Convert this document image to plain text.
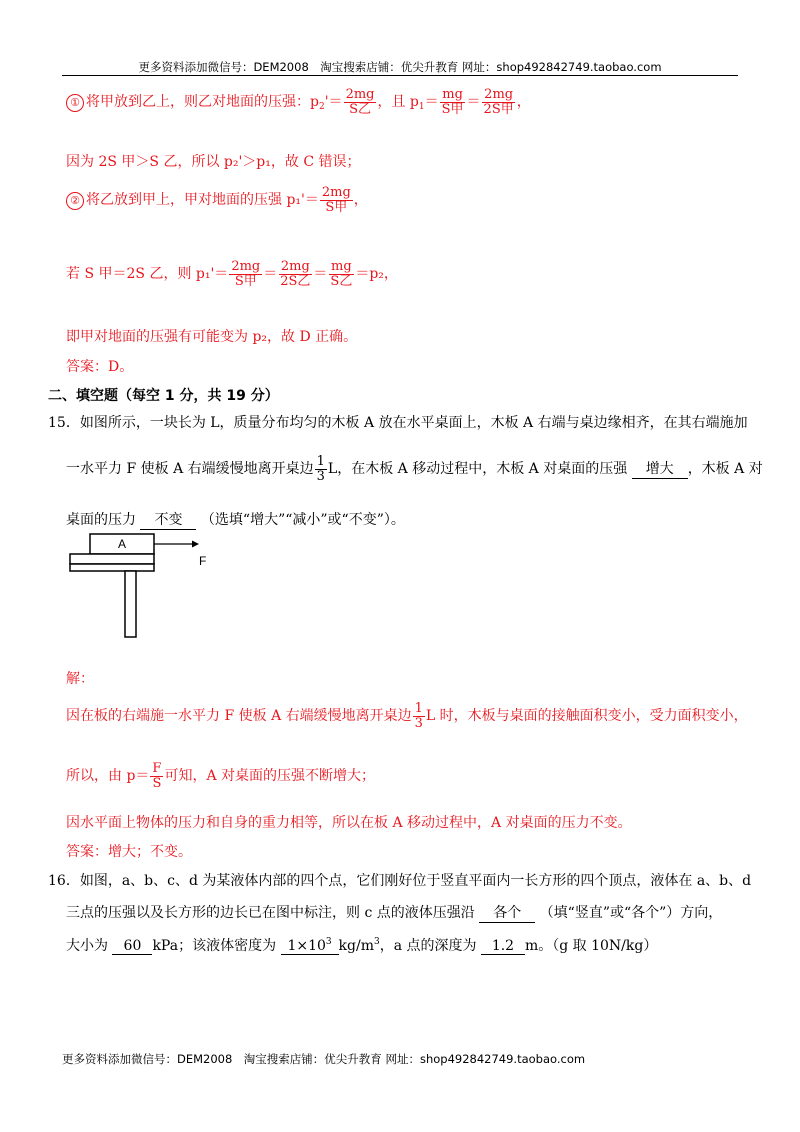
更多资料添加微信号：DEM2008　淘宝搜索店铺：优尖升教育 网址：shop492842749.taobao.com
① 将甲放到乙上，则乙对地面的压强：$p_2'= \frac{2mg}{\text{S乙}}$ ，且 $p_1= \frac{mg}{\text{S甲}} = \frac{2mg}{\text{2S甲}}$ ，
因为 2S 甲＞S 乙，所以 p₂'＞p₁，故 C 错误；
② 将乙放到甲上，甲对地面的压强 $p_1'= \frac{2mg}{\text{S甲}}$ ，
若 S 甲＝2S 乙，则 $p_1'= \frac{2mg}{\text{S甲}} = \frac{2mg}{\text{2S乙}} = \frac{mg}{\text{S乙}} =p_2$，
即甲对地面的压强有可能变为 p₂，故 D 正确。
答案：D。
二、填空题（每空 1 分，共 19 分）
15．如图所示，一块长为 L，质量分布均匀的木板 A 放在水平桌面上，木板 A 右端与桌边缘相齐，在其右端施加
一水平力 F 使板 A 右端缓慢地离开桌边 $\frac{1}{3}$ L，在木板 A 移动过程中，木板 A 对桌面的压强 增大 ，木板 A 对
桌面的压力 不变 （选填“增大”“减小”或“不变”）。
A
F
解：
因在板的右端施一水平力 F 使板 A 右端缓慢地离开桌边 $\frac{1}{3}$ L 时，木板与桌面的接触面积变小，受力面积变小，
所以，由 $p= \frac{F}{S}$ 可知，A 对桌面的压强不断增大；
因水平面上物体的压力和自身的重力相等，所以在板 A 移动过程中，A 对桌面的压力不变。
答案：增大；不变。
16．如图，a、b、c、d 为某液体内部的四个点，它们刚好位于竖直平面内一长方形的四个顶点，液体在 a、b、d
三点的压强以及长方形的边长已在图中标注，则 c 点的液体压强沿 各个 （填“竖直”或“各个”）方向，
大小为 60 kPa；该液体密度为 $1\times 10^3$ $kg/m^3$，a 点的深度为 1.2 m。（g 取 10N/kg）
更多资料添加微信号：DEM2008　淘宝搜索店铺：优尖升教育 网址：shop492842749.taobao.com
